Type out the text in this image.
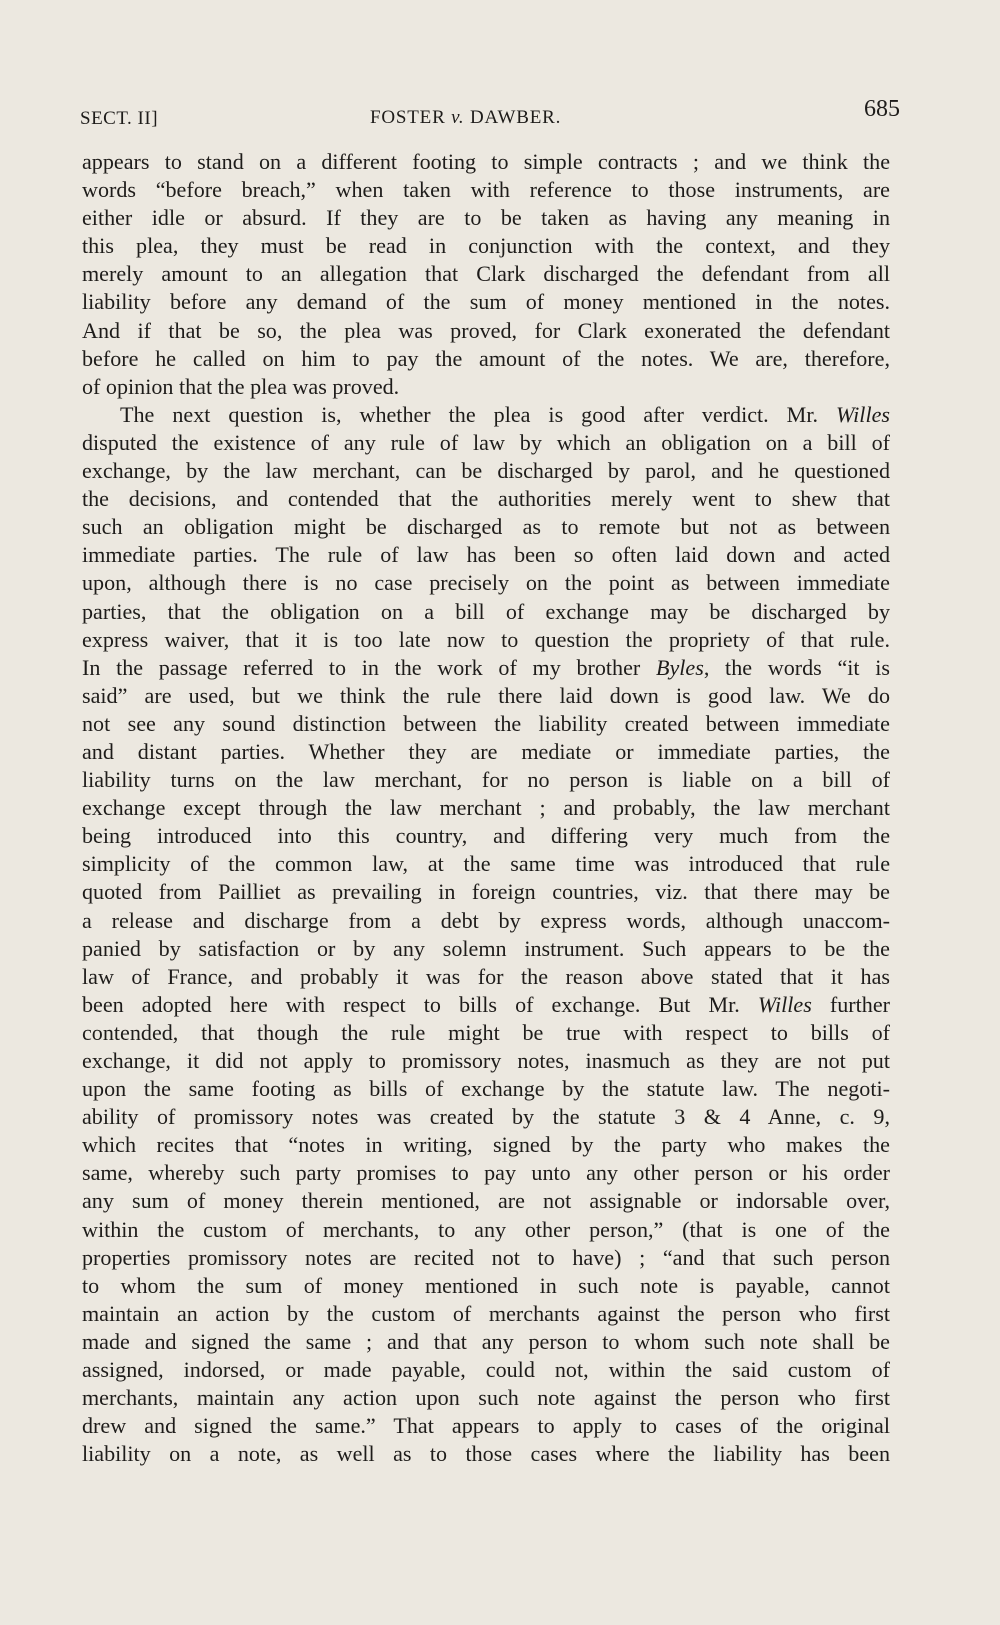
SECT. II]	FOSTER v. DAWBER.	685
appears to stand on a different footing to simple contracts ; and we think the
words “before breach,” when taken with reference to those instruments, are
either idle or absurd. If they are to be taken as having any meaning in
this plea, they must be read in conjunction with the context, and they
merely amount to an allegation that Clark discharged the defendant from all
liability before any demand of the sum of money mentioned in the notes.
And if that be so, the plea was proved, for Clark exonerated the defendant
before he called on him to pay the amount of the notes. We are, therefore,
of opinion that the plea was proved.
The next question is, whether the plea is good after verdict. Mr. Willes
disputed the existence of any rule of law by which an obligation on a bill of
exchange, by the law merchant, can be discharged by parol, and he questioned
the decisions, and contended that the authorities merely went to shew that
such an obligation might be discharged as to remote but not as between
immediate parties. The rule of law has been so often laid down and acted
upon, although there is no case precisely on the point as between immediate
parties, that the obligation on a bill of exchange may be discharged by
express waiver, that it is too late now to question the propriety of that rule.
In the passage referred to in the work of my brother Byles, the words “it is
said” are used, but we think the rule there laid down is good law. We do
not see any sound distinction between the liability created between immediate
and distant parties. Whether they are mediate or immediate parties, the
liability turns on the law merchant, for no person is liable on a bill of
exchange except through the law merchant ; and probably, the law merchant
being introduced into this country, and differing very much from the
simplicity of the common law, at the same time was introduced that rule
quoted from Pailliet as prevailing in foreign countries, viz. that there may be
a release and discharge from a debt by express words, although unaccom-
panied by satisfaction or by any solemn instrument. Such appears to be the
law of France, and probably it was for the reason above stated that it has
been adopted here with respect to bills of exchange. But Mr. Willes further
contended, that though the rule might be true with respect to bills of
exchange, it did not apply to promissory notes, inasmuch as they are not put
upon the same footing as bills of exchange by the statute law. The negoti-
ability of promissory notes was created by the statute 3 & 4 Anne, c. 9,
which recites that “notes in writing, signed by the party who makes the
same, whereby such party promises to pay unto any other person or his order
any sum of money therein mentioned, are not assignable or indorsable over,
within the custom of merchants, to any other person,” (that is one of the
properties promissory notes are recited not to have) ; “and that such person
to whom the sum of money mentioned in such note is payable, cannot
maintain an action by the custom of merchants against the person who first
made and signed the same ; and that any person to whom such note shall be
assigned, indorsed, or made payable, could not, within the said custom of
merchants, maintain any action upon such note against the person who first
drew and signed the same.” That appears to apply to cases of the original
liability on a note, as well as to those cases where the liability has been
